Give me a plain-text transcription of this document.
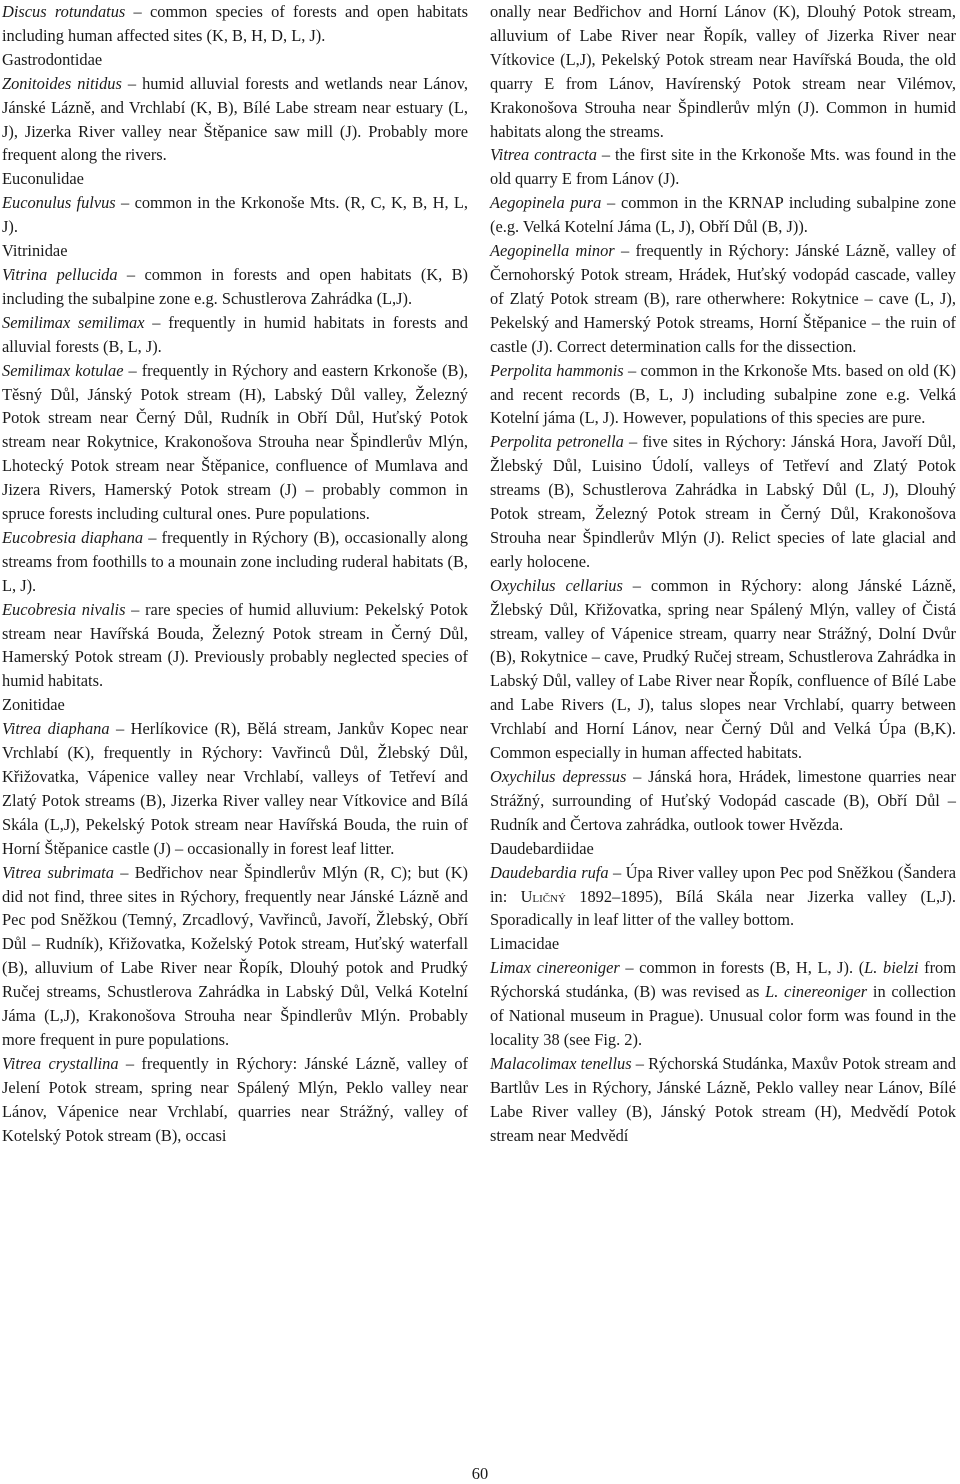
Discus rotundatus – common species of forests and open habitats including human affected sites (K, B, H, D, L, J).

Gastrodontidae

Zonitoides nitidus – humid alluvial forests and wetlands near Lánov, Jánské Lázně, and Vrchlabí (K, B), Bílé Labe stream near estuary (L, J), Jizerka River valley near Štěpanice saw mill (J). Probably more frequent along the rivers.

Euconulidae

Euconulus fulvus – common in the Krkonoše Mts. (R, C, K, B, H, L, J).

Vitrinidae

Vitrina pellucida – common in forests and open habitats (K, B) including the subalpine zone e.g. Schustlerova Zahrádka (L,J).

Semilimax semilimax – frequently in humid habitats in forests and alluvial forests (B, L, J).

Semilimax kotulae – frequently in Rýchory and eastern Krkonoše (B), Těsný Důl, Jánský Potok stream (H), Labský Důl valley, Železný Potok stream near Černý Důl, Rudník in Obří Důl, Huťský Potok stream near Rokytnice, Krakonošova Strouha near Špindlerův Mlýn, Lhotecký Potok stream near Štěpanice, confluence of Mumlava and Jizera Rivers, Hamerský Potok stream (J) – probably common in spruce forests including cultural ones. Pure populations.

Eucobresia diaphana – frequently in Rýchory (B), occasionally along streams from foothills to a mounain zone including ruderal habitats (B, L, J).

Eucobresia nivalis – rare species of humid alluvium: Pekelský Potok stream near Havířská Bouda, Železný Potok stream in Černý Důl, Hamerský Potok stream (J). Previously probably neglected species of humid habitats.

Zonitidae

Vitrea diaphana – Herlíkovice (R), Bělá stream, Jankův Kopec near Vrchlabí (K), frequently in Rýchory: Vavřinců Důl, Žlebský Důl, Křižovatka, Vápenice valley near Vrchlabí, valleys of Tetřeví and Zlatý Potok streams (B), Jizerka River valley near Vítkovice and Bílá Skála (L,J), Pekelský Potok stream near Havířská Bouda, the ruin of Horní Štěpanice castle (J) – occasionally in forest leaf litter.

Vitrea subrimata – Bedřichov near Špindlerův Mlýn (R, C); but (K) did not find, three sites in Rýchory, frequently near Jánské Lázně and Pec pod Sněžkou (Temný, Zrcadlový, Vavřinců, Javoří, Žlebský, Obří Důl – Rudník), Křižovatka, Koželský Potok stream, Huťský waterfall (B), alluvium of Labe River near Řopík, Dlouhý potok and Prudký Ručej streams, Schustlerova Zahrádka in Labský Důl, Velká Kotelní Jáma (L,J), Krakonošova Strouha near Špindlerův Mlýn. Probably more frequent in pure populations.

Vitrea crystallina – frequently in Rýchory: Jánské Lázně, valley of Jelení Potok stream, spring near Spálený Mlýn, Peklo valley near Lánov, Vápenice near Vrchlabí, quarries near Strážný, valley of Kotelský Potok stream (B), occasi

onally near Bedřichov and Horní Lánov (K), Dlouhý Potok stream, alluvium of Labe River near Řopík, valley of Jizerka River near Vítkovice (L,J), Pekelský Potok stream near Havířská Bouda, the old quarry E from Lánov, Havírenský Potok stream near Vilémov, Krakonošova Strouha near Špindlerův mlýn (J). Common in humid habitats along the streams.

Vitrea contracta – the first site in the Krkonoše Mts. was found in the old quarry E from Lánov (J).

Aegopinela pura – common in the KRNAP including subalpine zone (e.g. Velká Kotelní Jáma (L, J), Obří Důl (B, J)).

Aegopinella minor – frequently in Rýchory: Jánské Lázně, valley of Černohorský Potok stream, Hrádek, Huťský vodopád cascade, valley of Zlatý Potok stream (B), rare otherwhere: Rokytnice – cave (L, J), Pekelský and Hamerský Potok streams, Horní Štěpanice – the ruin of castle (J). Correct determination calls for the dissection.

Perpolita hammonis – common in the Krkonoše Mts. based on old (K) and recent records (B, L, J) including subalpine zone e.g. Velká Kotelní jáma (L, J). However, populations of this species are pure.

Perpolita petronella – five sites in Rýchory: Jánská Hora, Javoří Důl, Žlebský Důl, Luisino Údolí, valleys of Tetřeví and Zlatý Potok streams (B), Schustlerova Zahrádka in Labský Důl (L, J), Dlouhý Potok stream, Železný Potok stream in Černý Důl, Krakonošova Strouha near Špindlerův Mlýn (J). Relict species of late glacial and early holocene.

Oxychilus cellarius – common in Rýchory: along Jánské Lázně, Žlebský Důl, Křižovatka, spring near Spálený Mlýn, valley of Čistá stream, valley of Vápenice stream, quarry near Strážný, Dolní Dvůr (B), Rokytnice – cave, Prudký Ručej stream, Schustlerova Zahrádka in Labský Důl, valley of Labe River near Řopík, confluence of Bílé Labe and Labe Rivers (L, J), talus slopes near Vrchlabí, quarry between Vrchlabí and Horní Lánov, near Černý Důl and Velká Úpa (B,K). Common especially in human affected habitats.

Oxychilus depressus – Jánská hora, Hrádek, limestone quarries near Strážný, surrounding of Huťský Vodopád cascade (B), Obří Důl – Rudník and Čertova zahrádka, outlook tower Hvězda.

Daudebardiidae

Daudebardia rufa – Úpa River valley upon Pec pod Sněžkou (Šandera in: Uličný 1892–1895), Bílá Skála near Jizerka valley (L,J). Sporadically in leaf litter of the valley bottom.

Limacidae

Limax cinereoniger – common in forests (B, H, L, J). (L. bielzi from Rýchorská studánka, (B) was revised as L. cinereoniger in collection of National museum in Prague). Unusual color form was found in the locality 38 (see Fig. 2).

Malacolimax tenellus – Rýchorská Studánka, Maxův Potok stream and Bartlův Les in Rýchory, Jánské Lázně, Peklo valley near Lánov, Bílé Labe River valley (B), Jánský Potok stream (H), Medvědí Potok stream near Medvědí

60
